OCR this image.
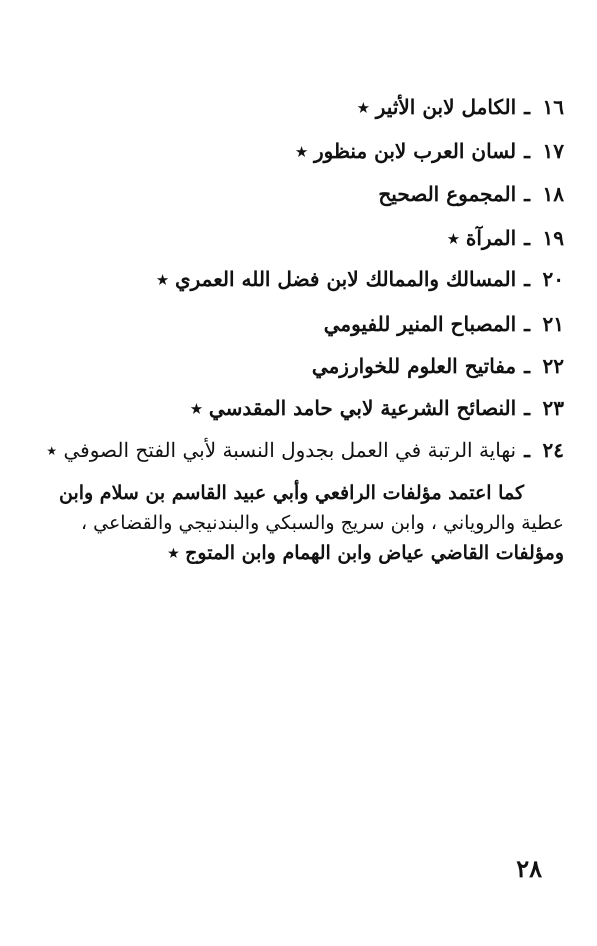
١٦ـالكامل لابن الأثير ٭
١٧ـلسان العرب لابن منظور ٭
١٨ـالمجموع الصحيح
١٩ـالمرآة ٭
٢٠ـالمسالك والممالك لابن فضل الله العمري ٭
٢١ـالمصباح المنير للفيومي
٢٢ـمفاتيح العلوم للخوارزمي
٢٣ـالنصائح الشرعية لابي حامد المقدسي ٭
٢٤ـنهاية الرتبة في العمل بجدول النسبة لأبي الفتح الصوفي ٭
كما اعتمد مؤلفات الرافعي وأبي عبيد القاسم بن سلام وابن
عطية والروياني ، وابن سريج والسبكي والبندنيجي والقضاعي ،
ومؤلفات القاضي عياض وابن الهمام وابن المتوج ٭
٢٨
